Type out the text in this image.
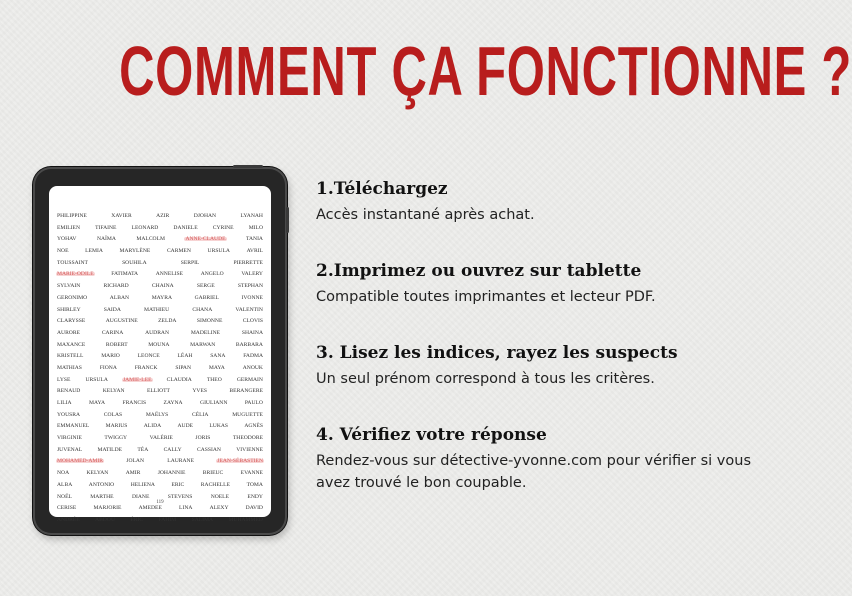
COMMENT ÇA FONCTIONNE ?
PHILIPPINE	XAVIER	AZIR	DJOHAN	LYANAH
EMILIEN	TIFAINE	LEONARD	DANIELE	CYRINE	MILO
YOHAV	NAÏMA	MALCOLM	ANNE-CLAUDE	TANIA
NOE	LEMIA	MARYLÈNE	CARMEN	URSULA	AVRIL
TOUSSAINT	SOUHILA	SERPIL	PIERRETTE
MARIE-ODILE	FATIMATA	ANNELISE	ANGELO	VALERY
SYLVAIN	RICHARD	CHAINA	SERGE	STEPHAN
GERONIMO	ALBAN	MAYRA	GABRIEL	IVONNE
SHIRLEY	SAIDA	MATHIEU	CHANA	VALENTIN
CLARYSSE	AUGUSTINE	ZELDA	SIMONNE	CLOVIS
AURORE	CARINA	AUDRAN	MADELINE	SHAINA
MAXANCE	ROBERT	MOUNA	MARWAN	BARBARA
KRISTELL	MARIO	LEONCE	LÉAH	SANA	FADMA
MATHIAS	FIONA	FRANCK	SIPAN	MAYA	ANOUK
LYSE	URSULA	JAMIE-LEE	CLAUDIA	THEO	GERMAIN
RENAUD	KELYAN	ELLIOTT	YVES	BERANGERE
LILIA	MAYA	FRANCIS	ZAYNA	GIULIANN	PAULO
YOUSRA	COLAS	MAËLYS	CÉLIA	MUGUETTE
EMMANUEL	MARIUS	ALIDA	AUDE	LUKAS	AGNÈS
VIRGINIE	TWIGGY	VALÉRIE	JORIS	THEODORE
JUVENAL	MATILDE	TÉA	CALLY	CASSIAN	VIVIENNE
MOHAMED-AMIR	JOLAN	LAURANE	JEAN-SÉBASTIEN
NOA	KELYAN	AMIR	JOHANNIE	BRIEUC	EVANNE
ALBA	ANTONIO	HELIENA	ERIC	RACHELLE	TOMA
NOËL	MARTHE	DIANE	STEVENS	NOELE	ENDY
CERISE	MARJORIE	AMEDEE	LINA	ALEXY	DAVID
ANDRÉE	ABDOU	ÉRIC	FAHIM	SALIMA	MUHAMMED
119
1.Téléchargez

Accès instantané après achat.

2.Imprimez ou ouvrez sur tablette

Compatible toutes imprimantes et lecteur PDF.

3. Lisez les indices, rayez les suspects

Un seul prénom correspond à tous les critères.

4. Vérifiez votre réponse

Rendez-vous sur détective-yvonne.com pour vérifier si vous avez trouvé le bon coupable.
